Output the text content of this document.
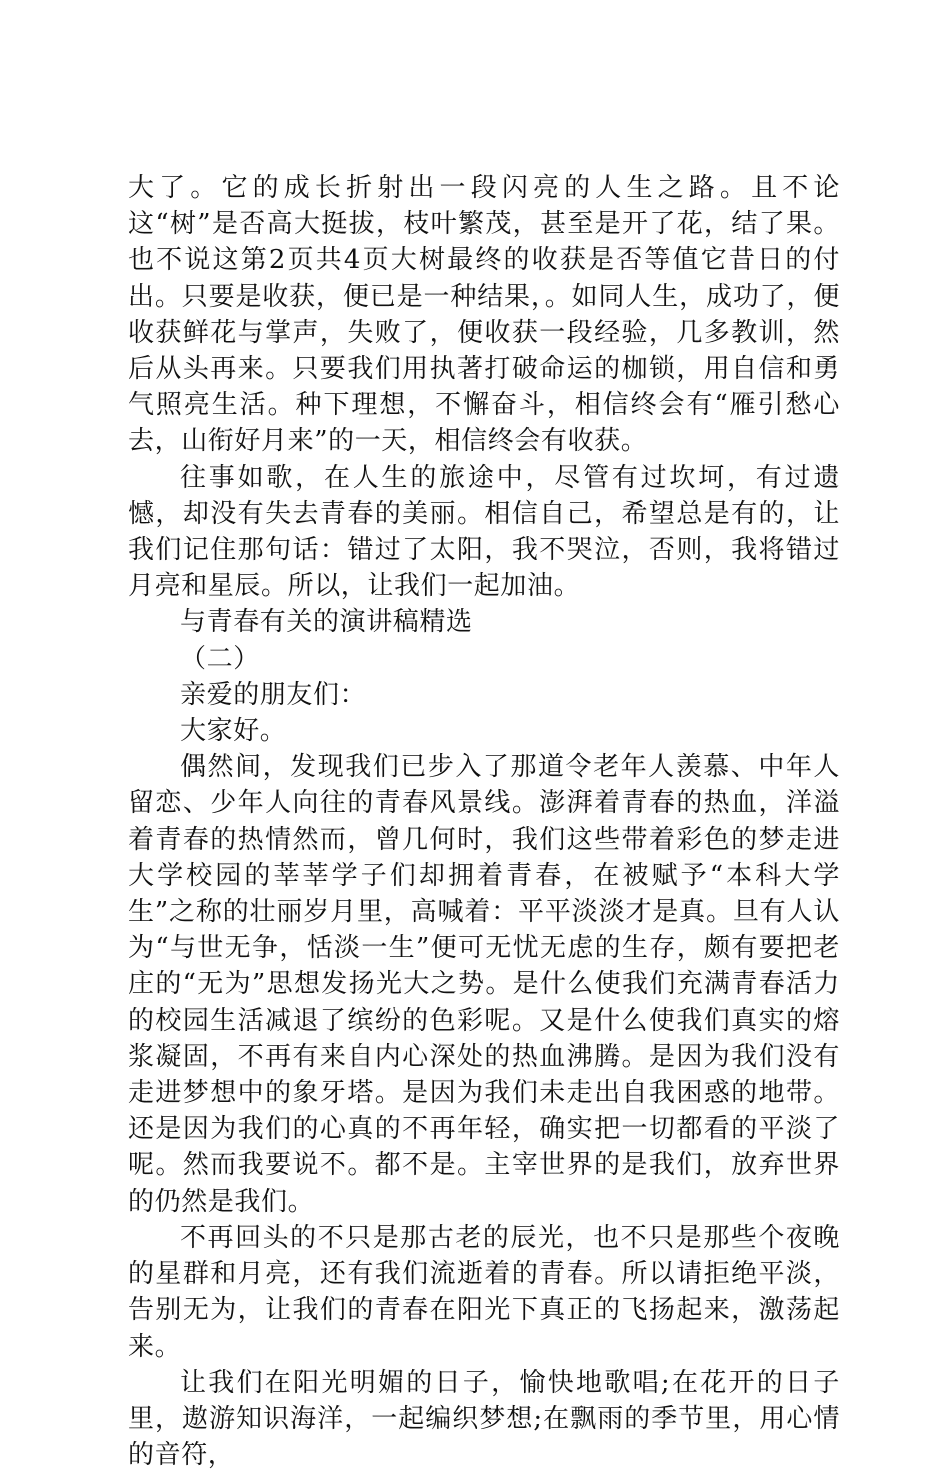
大了。它的成长折射出一段闪亮的人生之路。且不论这“树”是否高大挺拔，枝叶繁茂，甚至是开了花，结了果。也不说这第2页共4页大树最终的收获是否等值它昔日的付出。只要是收获，便已是一种结果，。如同人生，成功了，便收获鲜花与掌声，失败了，便收获一段经验，几多教训，然后从头再来。只要我们用执著打破命运的枷锁，用自信和勇气照亮生活。种下理想，不懈奋斗，相信终会有“雁引愁心去，山衔好月来”的一天，相信终会有收获。

往事如歌，在人生的旅途中，尽管有过坎坷，有过遗憾，却没有失去青春的美丽。相信自己，希望总是有的，让我们记住那句话：错过了太阳，我不哭泣，否则，我将错过月亮和星辰。所以，让我们一起加油。

与青春有关的演讲稿精选

（二）

亲爱的朋友们：

大家好。

偶然间，发现我们已步入了那道令老年人羡慕、中年人留恋、少年人向往的青春风景线。澎湃着青春的热血，洋溢着青春的热情然而，曾几何时，我们这些带着彩色的梦走进大学校园的莘莘学子们却拥着青春，在被赋予“本科大学生”之称的壮丽岁月里，高喊着：平平淡淡才是真。旦有人认为“与世无争，恬淡一生”便可无忧无虑的生存，颇有要把老庄的“无为”思想发扬光大之势。是什么使我们充满青春活力的校园生活减退了缤纷的色彩呢。又是什么使我们真实的熔浆凝固，不再有来自内心深处的热血沸腾。是因为我们没有走进梦想中的象牙塔。是因为我们未走出自我困惑的地带。还是因为我们的心真的不再年轻，确实把一切都看的平淡了呢。然而我要说不。都不是。主宰世界的是我们，放弃世界的仍然是我们。

不再回头的不只是那古老的辰光，也不只是那些个夜晚的星群和月亮，还有我们流逝着的青春。所以请拒绝平淡，告别无为，让我们的青春在阳光下真正的飞扬起来，激荡起来。

让我们在阳光明媚的日子，愉快地歌唱;在花开的日子里，遨游知识海洋，一起编织梦想;在飘雨的季节里，用心情的音符，
